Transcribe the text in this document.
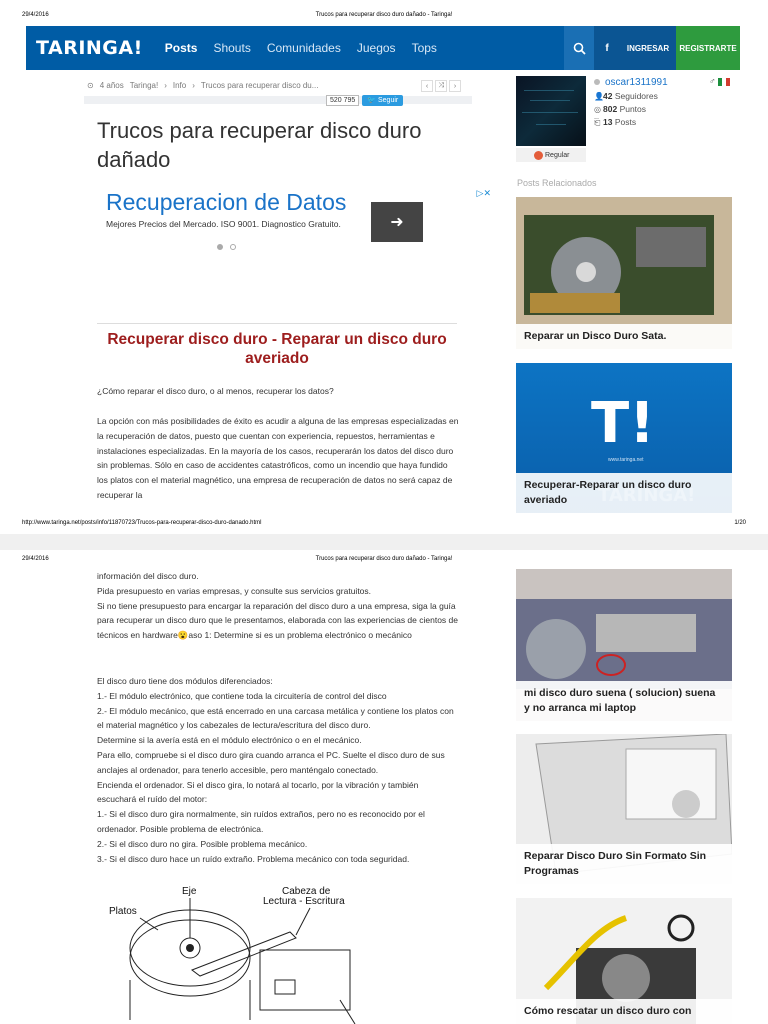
29/4/2016	Trucos para recuperar disco duro dañado - Taringa!
TARINGA! Posts Shouts Comunidades Juegos Tops	f	INGRESAR	REGISTRARTE
⊙ 4 años Taringa! › Info › Trucos para recuperar disco du...	‹	⤨	›
520 795	🐦 Seguir
Trucos para recuperar disco duro dañado
▷✕
Recuperacion de Datos
Mejores Precios del Mercado. ISO 9001. Diagnostico Gratuito.	➜
Recuperar disco duro - Reparar un disco duro averiado

¿Cómo reparar el disco duro, o al menos, recuperar los datos?

La opción con más posibilidades de éxito es acudir a alguna de las empresas especializadas en la recuperación de datos, puesto que cuentan con experiencia, repuestos, herramientas e instalaciones especializadas. En la mayoría de los casos, recuperarán los datos del disco duro sin problemas. Sólo en caso de accidentes catastróficos, como un incendio que haya fundido los platos con el material magnético, una empresa de recuperación de datos no será capaz de recuperar la

Regular
oscar1311991	♂
👤42 Seguidores
◎ 802 Puntos
⎗ 13 Posts
Posts Relacionados
Reparar un Disco Duro Sata.
T!
www.taringa.net
Recuperar-Reparar un disco duro averiado
http://www.taringa.net/posts/info/11870723/Trucos-para-recuperar-disco-duro-danado.html	1/20
29/4/2016	Trucos para recuperar disco duro dañado - Taringa!

información del disco duro.
Pida presupuesto en varias empresas, y consulte sus servicios gratuitos.
Si no tiene presupuesto para encargar la reparación del disco duro a una empresa, siga la guía para recuperar un disco duro que le presentamos, elaborada con las experiencias de cientos de técnicos en hardware😮aso 1: Determine si es un problema electrónico o mecánico

El disco duro tiene dos módulos diferenciados:
1.- El módulo electrónico, que contiene toda la circuitería de control del disco
2.- El módulo mecánico, que está encerrado en una carcasa metálica y contiene los platos con el material magnético y los cabezales de lectura/escritura del disco duro.
Determine si la avería está en el módulo electrónico o en el mecánico.
Para ello, compruebe si el disco duro gira cuando arranca el PC. Suelte el disco duro de sus anclajes al ordenador, para tenerlo accesible, pero manténgalo conectado.
Encienda el ordenador. Si el disco gira, lo notará al tocarlo, por la vibración y también escuchará el ruído del motor:
1.- Si el disco duro gira normalmente, sin ruídos extraños, pero no es reconocido por el ordenador. Posible problema de electrónica.
2.- Si el disco duro no gira. Posible problema mecánico.
3.- Si el disco duro hace un ruído extraño. Problema mecánico con toda seguridad.

Eje
Platos
Cabeza de
Lectura - Escritura
mi disco duro suena ( solucion) suena y no arranca mi laptop
Reparar Disco Duro Sin Formato Sin Programas
Cómo rescatar un disco duro con
